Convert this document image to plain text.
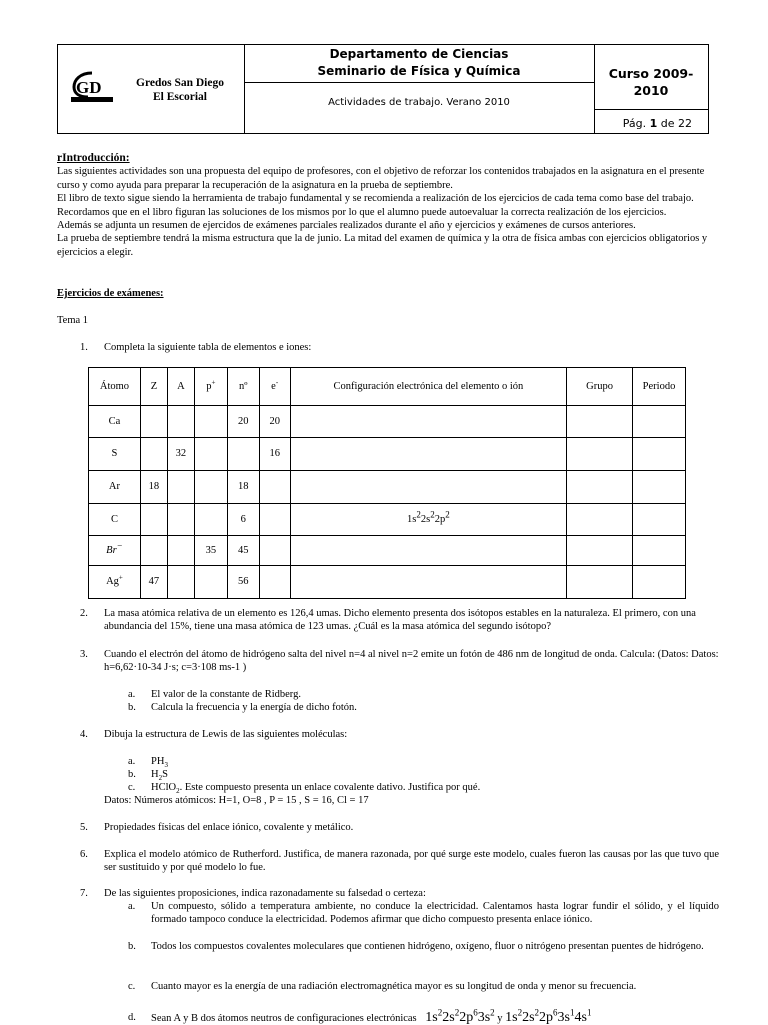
GD	Gredos San Diego
El Escorial
Departamento de Ciencias
Seminario de Física y Química
Actividades de trabajo. Verano 2010
Curso 2009-
2010
Pág. 1 de 22

rIntroducción:

Las siguientes actividades son una propuesta del equipo de profesores, con el objetivo de reforzar los contenidos trabajados en la asignatura en el presente curso y como ayuda para preparar la recuperación de la asignatura en la prueba de septiembre.

El libro de texto sigue siendo la herramienta de trabajo fundamental y se recomienda a realización de los ejercicios de cada tema como base del trabajo. Recordamos que en el libro figuran las soluciones de los mismos por lo que el alumno puede autoevaluar la correcta realización de los ejercicios.

Además se adjunta un resumen de ejercidos de exámenes parciales realizados durante el año y ejercicios y exámenes de cursos anteriores.

La prueba de septiembre tendrá la misma estructura que la de junio. La mitad del examen de química y la otra de física ambas con ejercicios obligatorios y ejercicios a elegir.

Ejercicios de exámenes:
Tema 1
1. Completa la siguiente tabla de elementos e iones:
Átomo	Z	A	p+	nº	e-	Configuración electrónica del elemento o ión	Grupo	Periodo
Ca				20	20			
S		32			16			
Ar	18			18				
C				6		$1s^22s^22p^2$		
Br−			35	45				
Ag+	47			56				
2. La masa atómica relativa de un elemento es 126,4 umas. Dicho elemento presenta dos isótopos estables en la naturaleza. El primero, con una abundancia del 15%, tiene una masa atómica de 123 umas. ¿Cuál es la masa atómica del segundo isótopo?
3. Cuando el electrón del átomo de hidrógeno salta del nivel n=4 al nivel n=2 emite un fotón de 486 nm de longitud de onda. Calcula: (Datos: Datos: h=6,62·10-34 J·s; c=3·108 ms-1 )
a. El valor de la constante de Ridberg.
b. Calcula la frecuencia y la energía de dicho fotón.
4. Dibuja la estructura de Lewis de las siguientes moléculas:
a. $PH_3$
b. $H_2S$
c. HClO$_2$. Este compuesto presenta un enlace covalente dativo. Justifica por qué.
Datos: Números atómicos: H=1, O=8 , P = 15 , S = 16, Cl = 17
5. Propiedades físicas del enlace iónico, covalente y metálico.
6. Explica el modelo atómico de Rutherford. Justifica, de manera razonada, por qué surge este modelo, cuales fueron las causas por las que tuvo que ser sustituido y por qué modelo lo fue.
7. De las siguientes proposiciones, indica razonadamente su falsedad o certeza:
a. Un compuesto, sólido a temperatura ambiente, no conduce la electricidad. Calentamos hasta lograr fundir el sólido, y el líquido formado tampoco conduce la electricidad. Podemos afirmar que dicho compuesto presenta enlace iónico.
b. Todos los compuestos covalentes moleculares que contienen hidrógeno, oxígeno, fluor o nitrógeno presentan puentes de hidrógeno.
c. Cuanto mayor es la energía de una radiación electromagnética mayor es su longitud de onda y menor su frecuencia.
d. Sean A y B dos átomos neutros de configuraciones electrónicas $1s^22s^22p^63s^2$ y $1s^22s^22p^63s^14s^1$
